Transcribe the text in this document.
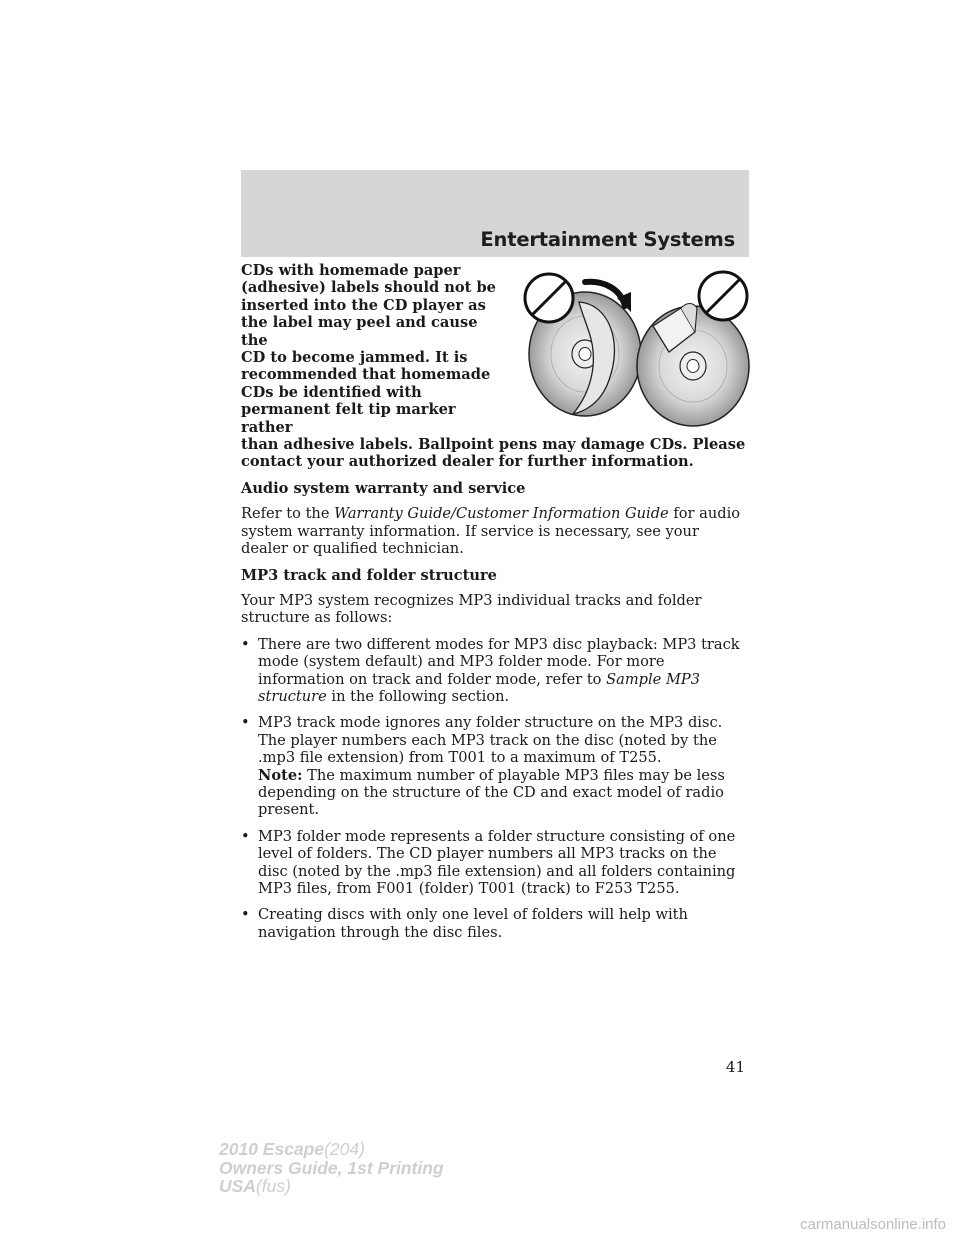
Entertainment Systems

CDs with homemade paper
(adhesive) labels should not be
inserted into the CD player as
the label may peel and cause the
CD to become jammed. It is
recommended that homemade
CDs be identified with
permanent felt tip marker rather
than adhesive labels. Ballpoint pens may damage CDs. Please
contact your authorized dealer for further information.

Audio system warranty and service

Refer to the Warranty Guide/Customer Information Guide for audio system warranty information. If service is necessary, see your dealer or qualified technician.

MP3 track and folder structure

Your MP3 system recognizes MP3 individual tracks and folder structure as follows:

• There are two different modes for MP3 disc playback: MP3 track mode (system default) and MP3 folder mode. For more information on track and folder mode, refer to Sample MP3 structure in the following section.
• MP3 track mode ignores any folder structure on the MP3 disc. The player numbers each MP3 track on the disc (noted by the .mp3 file extension) from T001 to a maximum of T255.
Note: The maximum number of playable MP3 files may be less depending on the structure of the CD and exact model of radio present.
• MP3 folder mode represents a folder structure consisting of one level of folders. The CD player numbers all MP3 tracks on the disc (noted by the .mp3 file extension) and all folders containing MP3 files, from F001 (folder) T001 (track) to F253 T255.
• Creating discs with only one level of folders will help with navigation through the disc files.
41
2010 Escape(204)
Owners Guide, 1st Printing
USA(fus)
carmanualsonline.info
